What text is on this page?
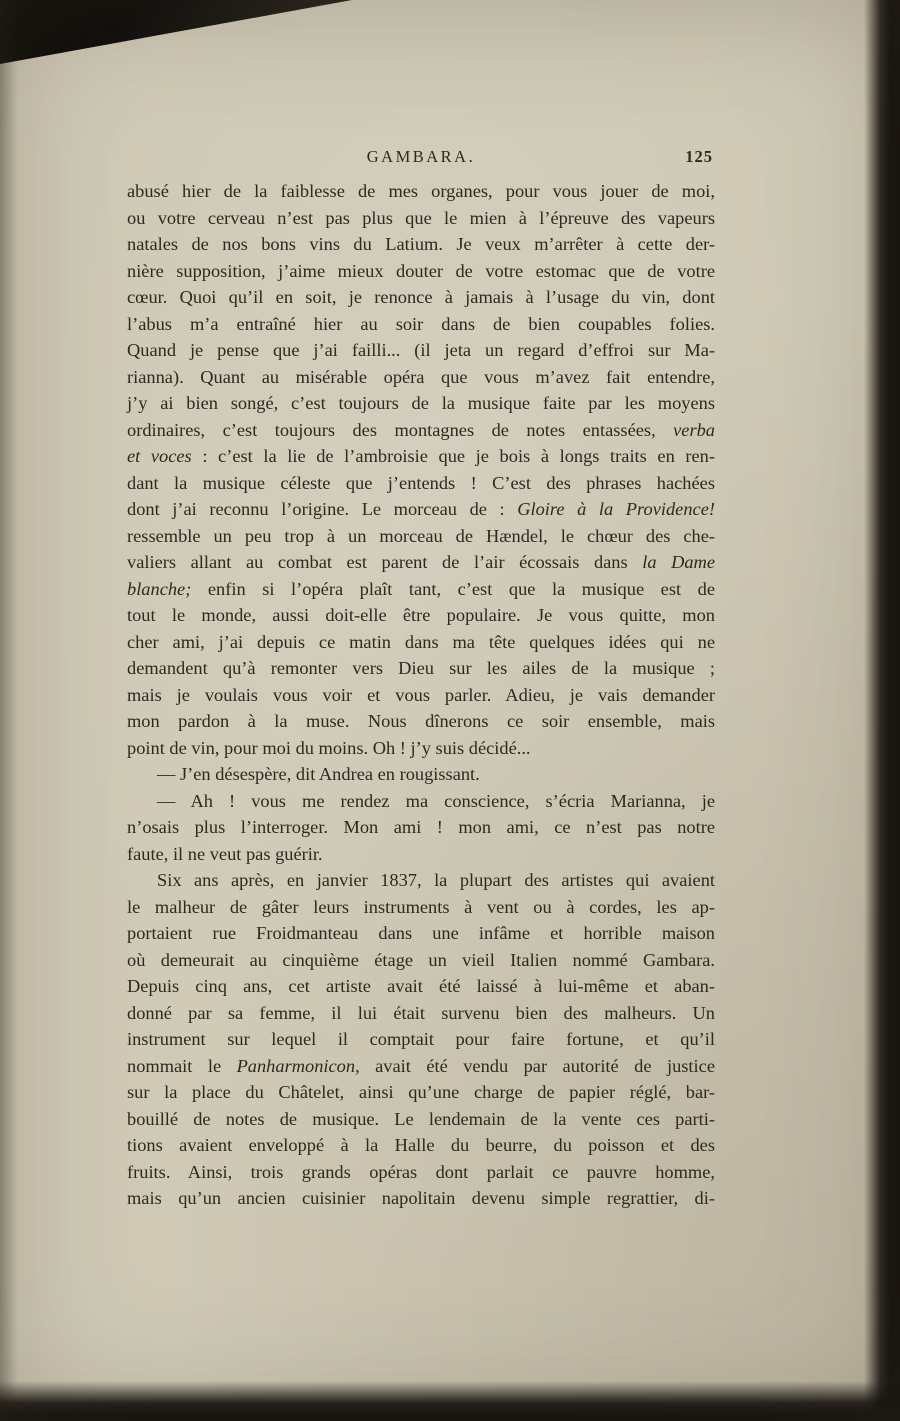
GAMBARA.	125
abusé hier de la faiblesse de mes organes, pour vous jouer de moi,
ou votre cerveau n’est pas plus que le mien à l’épreuve des vapeurs
natales de nos bons vins du Latium. Je veux m’arrêter à cette der-
nière supposition, j’aime mieux douter de votre estomac que de votre
cœur. Quoi qu’il en soit, je renonce à jamais à l’usage du vin, dont
l’abus m’a entraîné hier au soir dans de bien coupables folies.
Quand je pense que j’ai failli... (il jeta un regard d’effroi sur Ma-
rianna). Quant au misérable opéra que vous m’avez fait entendre,
j’y ai bien songé, c’est toujours de la musique faite par les moyens
ordinaires, c’est toujours des montagnes de notes entassées, verba
et voces : c’est la lie de l’ambroisie que je bois à longs traits en ren-
dant la musique céleste que j’entends ! C’est des phrases hachées
dont j’ai reconnu l’origine. Le morceau de : Gloire à la Providence!
ressemble un peu trop à un morceau de Hændel, le chœur des che-
valiers allant au combat est parent de l’air écossais dans la Dame
blanche; enfin si l’opéra plaît tant, c’est que la musique est de
tout le monde, aussi doit-elle être populaire. Je vous quitte, mon
cher ami, j’ai depuis ce matin dans ma tête quelques idées qui ne
demandent qu’à remonter vers Dieu sur les ailes de la musique ;
mais je voulais vous voir et vous parler. Adieu, je vais demander
mon pardon à la muse. Nous dînerons ce soir ensemble, mais
point de vin, pour moi du moins. Oh ! j’y suis décidé...
— J’en désespère, dit Andrea en rougissant.
— Ah ! vous me rendez ma conscience, s’écria Marianna, je
n’osais plus l’interroger. Mon ami ! mon ami, ce n’est pas notre
faute, il ne veut pas guérir.
Six ans après, en janvier 1837, la plupart des artistes qui avaient
le malheur de gâter leurs instruments à vent ou à cordes, les ap-
portaient rue Froidmanteau dans une infâme et horrible maison
où demeurait au cinquième étage un vieil Italien nommé Gambara.
Depuis cinq ans, cet artiste avait été laissé à lui-même et aban-
donné par sa femme, il lui était survenu bien des malheurs. Un
instrument sur lequel il comptait pour faire fortune, et qu’il
nommait le Panharmonicon, avait été vendu par autorité de justice
sur la place du Châtelet, ainsi qu’une charge de papier réglé, bar-
bouillé de notes de musique. Le lendemain de la vente ces parti-
tions avaient enveloppé à la Halle du beurre, du poisson et des
fruits. Ainsi, trois grands opéras dont parlait ce pauvre homme,
mais qu’un ancien cuisinier napolitain devenu simple regrattier, di-
